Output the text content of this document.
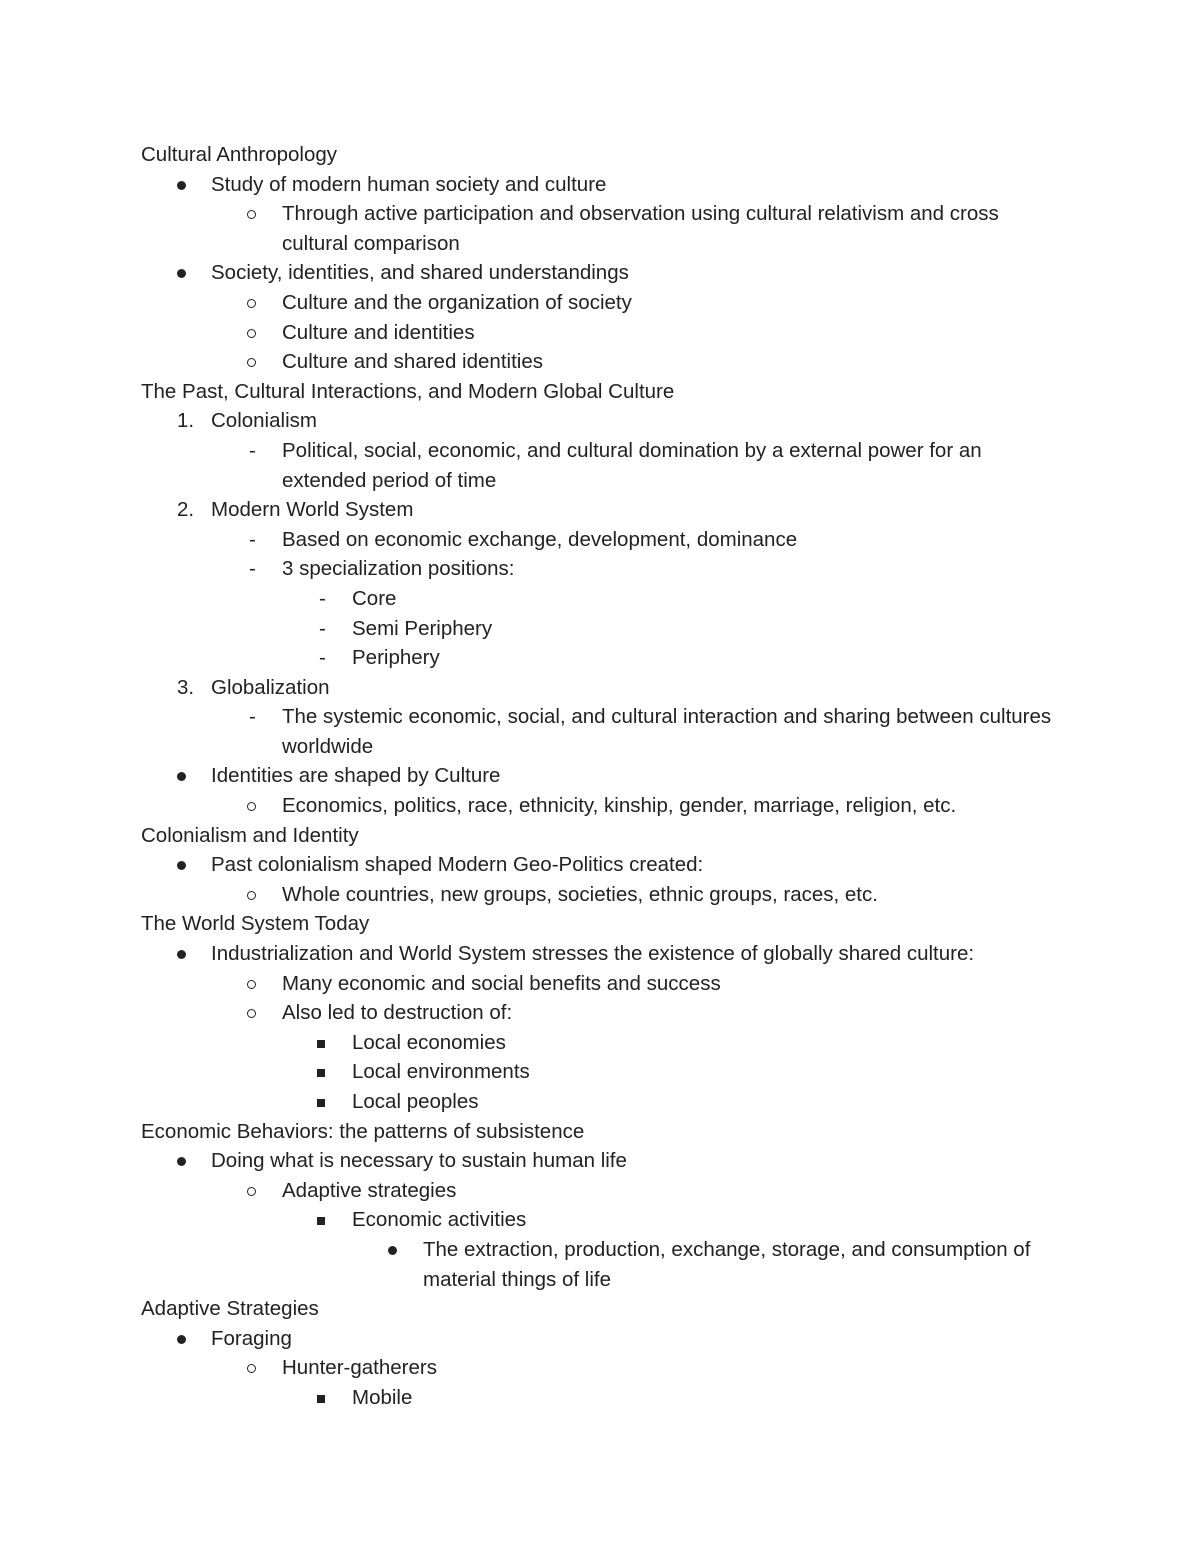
Cultural Anthropology
Study of modern human society and culture
Through active participation and observation using cultural relativism and cross cultural comparison
Society, identities, and shared understandings
Culture and the organization of society
Culture and identities
Culture and shared identities
The Past, Cultural Interactions, and Modern Global Culture
1. Colonialism
Political, social, economic, and cultural domination by a external power for an extended period of time
2. Modern World System
Based on economic exchange, development, dominance
3 specialization positions:
Core
Semi Periphery
Periphery
3. Globalization
The systemic economic, social, and cultural interaction and sharing between cultures worldwide
Identities are shaped by Culture
Economics, politics, race, ethnicity, kinship, gender, marriage, religion, etc.
Colonialism and Identity
Past colonialism shaped Modern Geo-Politics created:
Whole countries, new groups, societies, ethnic groups, races, etc.
The World System Today
Industrialization and World System stresses the existence of globally shared culture:
Many economic and social benefits and success
Also led to destruction of:
Local economies
Local environments
Local peoples
Economic Behaviors: the patterns of subsistence
Doing what is necessary to sustain human life
Adaptive strategies
Economic activities
The extraction, production, exchange, storage, and consumption of material things of life
Adaptive Strategies
Foraging
Hunter-gatherers
Mobile
